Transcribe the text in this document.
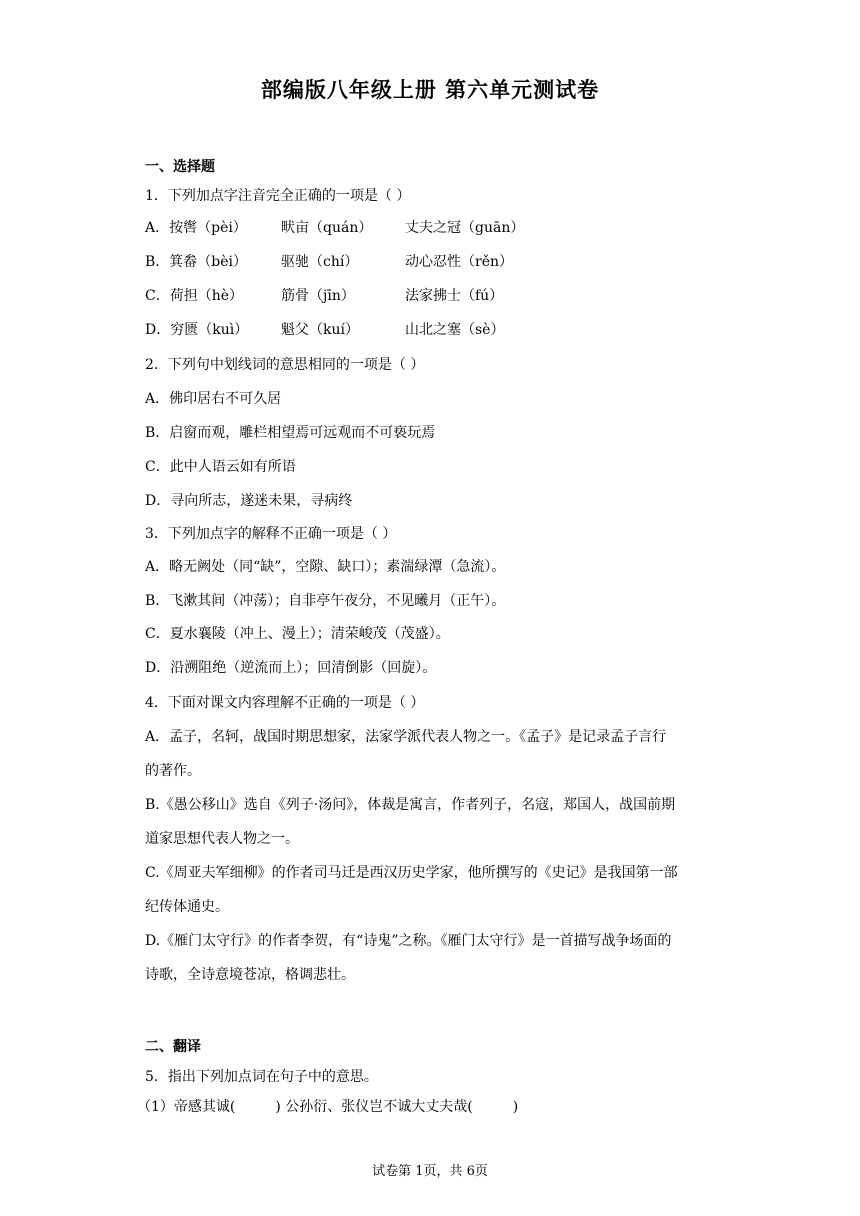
部编版八年级上册 第六单元测试卷
一、选择题
1．下列加点字注音完全正确的一项是（ ）
A．按辔（pèi） 畎亩（quán） 丈夫之冠（guān）
B．箕畚（bèi） 驱驰（chí）	动心忍性（rěn）
C．荷担（hè）	筋骨（jīn）	法家拂士（fú）
D．穷匮（kuì） 魁父（kuí）	山北之塞（sè）
2．下列句中划线词的意思相同的一项是（ ）
A．佛印居右不可久居
B．启窗而观，雕栏相望焉可远观而不可亵玩焉
C．此中人语云如有所语
D．寻向所志，遂迷未果，寻病终
3．下列加点字的解释不正确一项是（ ）
A．略无阙处（同“缺”，空隙、缺口）；素湍绿潭（急流）。
B．飞漱其间（冲荡）；自非亭午夜分，不见曦月（正午）。
C．夏水襄陵（冲上、漫上）；清荣峻茂（茂盛）。
D．沿溯阻绝（逆流而上）；回清倒影（回旋）。
4．下面对课文内容理解不正确的一项是（ ）
A．孟子，名轲，战国时期思想家，法家学派代表人物之一。《孟子》是记录孟子言行
的著作。
B.《愚公移山》选自《列子·汤问》，体裁是寓言，作者列子，名寇，郑国人，战国前期
道家思想代表人物之一。
C.《周亚夫军细柳》的作者司马迁是西汉历史学家，他所撰写的《史记》是我国第一部
纪传体通史。
D.《雁门太守行》的作者李贺，有“诗鬼”之称。《雁门太守行》是一首描写战争场面的
诗歌，全诗意境苍凉，格调悲壮。
二、翻译
5．指出下列加点词在句子中的意思。
（1）帝感其诚(	) 公孙衍、张仪岂不诚大丈夫哉(	)
试卷第 1页，共 6页
